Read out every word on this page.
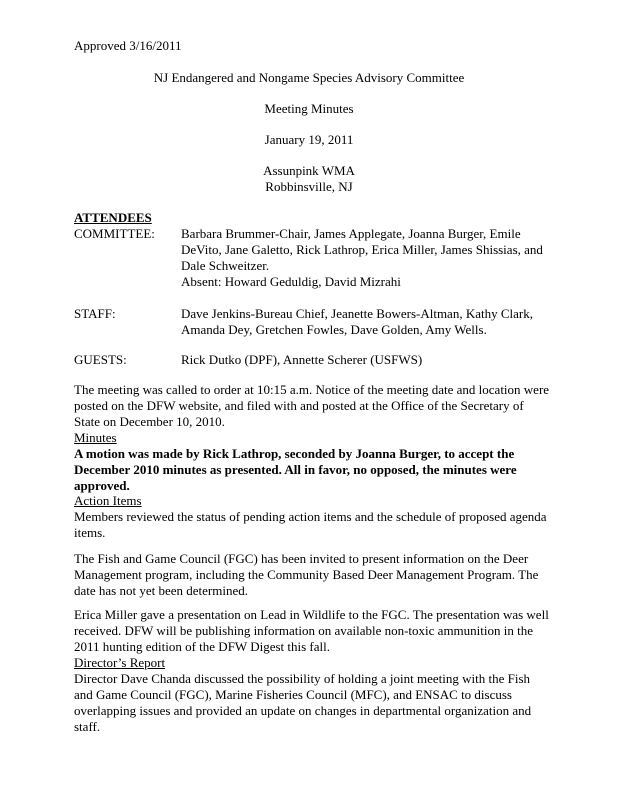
Approved 3/16/2011
NJ Endangered and Nongame Species Advisory Committee
Meeting Minutes
January 19, 2011
Assunpink WMA
Robbinsville, NJ
ATTENDEES
COMMITTEE: Barbara Brummer-Chair, James Applegate, Joanna Burger, Emile DeVito, Jane Galetto, Rick Lathrop, Erica Miller, James Shissias, and Dale Schweitzer.
Absent: Howard Geduldig, David Mizrahi
STAFF:	Dave Jenkins-Bureau Chief, Jeanette Bowers-Altman, Kathy Clark, Amanda Dey, Gretchen Fowles, Dave Golden, Amy Wells.
GUESTS:	Rick Dutko (DPF), Annette Scherer (USFWS)

The meeting was called to order at 10:15 a.m. Notice of the meeting date and location were posted on the DFW website, and filed with and posted at the Office of the Secretary of State on December 10, 2010.

Minutes

A motion was made by Rick Lathrop, seconded by Joanna Burger, to accept the December 2010 minutes as presented. All in favor, no opposed, the minutes were approved.

Action Items

Members reviewed the status of pending action items and the schedule of proposed agenda items.

The Fish and Game Council (FGC) has been invited to present information on the Deer Management program, including the Community Based Deer Management Program. The date has not yet been determined.

Erica Miller gave a presentation on Lead in Wildlife to the FGC. The presentation was well received. DFW will be publishing information on available non-toxic ammunition in the 2011 hunting edition of the DFW Digest this fall.

Director’s Report

Director Dave Chanda discussed the possibility of holding a joint meeting with the Fish and Game Council (FGC), Marine Fisheries Council (MFC), and ENSAC to discuss overlapping issues and provided an update on changes in departmental organization and staff.
